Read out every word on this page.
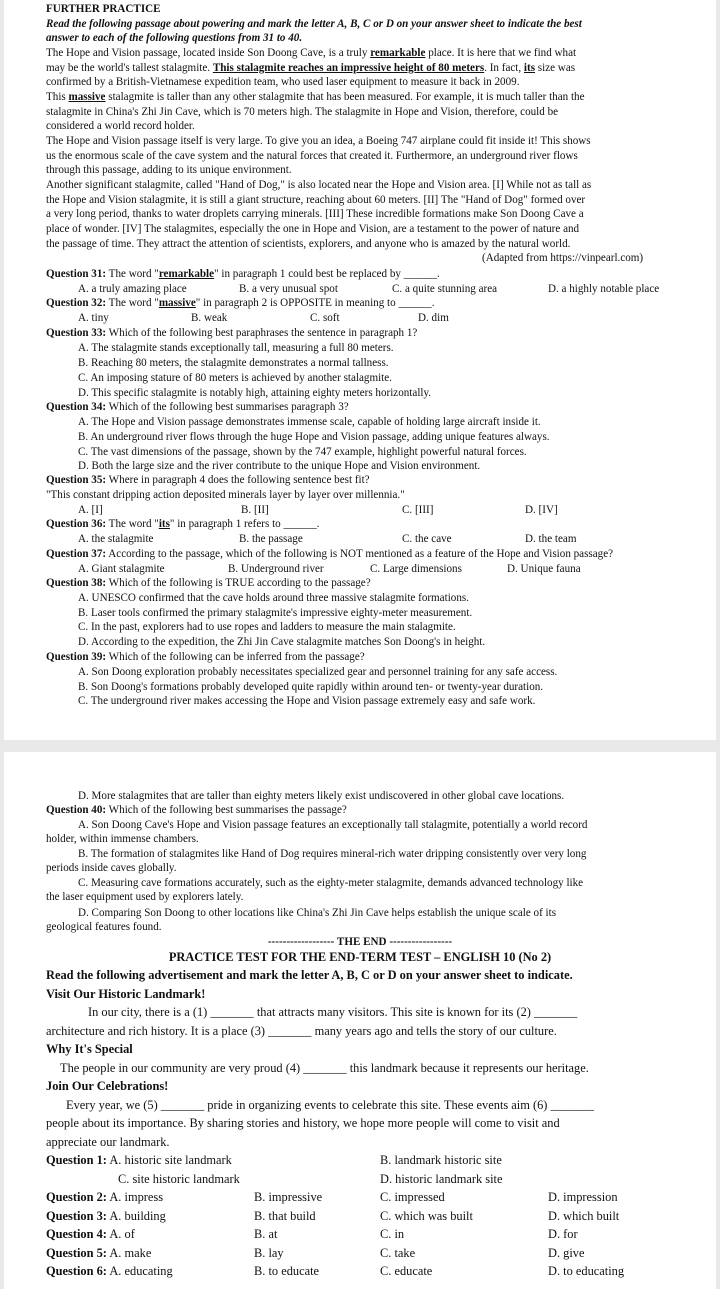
FURTHER PRACTICE
Read the following passage about powering and mark the letter A, B, C or D on your answer sheet to indicate the best
answer to each of the following questions from 31 to 40.
The Hope and Vision passage, located inside Son Doong Cave, is a truly remarkable place. It is here that we find what
may be the world's tallest stalagmite. This stalagmite reaches an impressive height of 80 meters. In fact, its size was
confirmed by a British-Vietnamese expedition team, who used laser equipment to measure it back in 2009.
This massive stalagmite is taller than any other stalagmite that has been measured. For example, it is much taller than the
stalagmite in China's Zhi Jin Cave, which is 70 meters high. The stalagmite in Hope and Vision, therefore, could be
considered a world record holder.
The Hope and Vision passage itself is very large. To give you an idea, a Boeing 747 airplane could fit inside it! This shows
us the enormous scale of the cave system and the natural forces that created it. Furthermore, an underground river flows
through this passage, adding to its unique environment.
Another significant stalagmite, called "Hand of Dog," is also located near the Hope and Vision area. [I] While not as tall as
the Hope and Vision stalagmite, it is still a giant structure, reaching about 60 meters. [II] The "Hand of Dog" formed over
a very long period, thanks to water droplets carrying minerals. [III] These incredible formations make Son Doong Cave a
place of wonder. [IV] The stalagmites, especially the one in Hope and Vision, are a testament to the power of nature and
the passage of time. They attract the attention of scientists, explorers, and anyone who is amazed by the natural world.
(Adapted from https://vinpearl.com)
Question 31: The word "remarkable" in paragraph 1 could best be replaced by ______.
A. a truly amazing place	B. a very unusual spot	C. a quite stunning area	D. a highly notable place
Question 32: The word "massive" in paragraph 2 is OPPOSITE in meaning to ______.
A. tiny	B. weak	C. soft	D. dim
Question 33: Which of the following best paraphrases the sentence in paragraph 1?
A. The stalagmite stands exceptionally tall, measuring a full 80 meters.
B. Reaching 80 meters, the stalagmite demonstrates a normal tallness.
C. An imposing stature of 80 meters is achieved by another stalagmite.
D. This specific stalagmite is notably high, attaining eighty meters horizontally.
Question 34: Which of the following best summarises paragraph 3?
A. The Hope and Vision passage demonstrates immense scale, capable of holding large aircraft inside it.
B. An underground river flows through the huge Hope and Vision passage, adding unique features always.
C. The vast dimensions of the passage, shown by the 747 example, highlight powerful natural forces.
D. Both the large size and the river contribute to the unique Hope and Vision environment.
Question 35: Where in paragraph 4 does the following sentence best fit?
"This constant dripping action deposited minerals layer by layer over millennia."
A. [I]	B. [II]	C. [III]	D. [IV]
Question 36: The word "its" in paragraph 1 refers to ______.
A. the stalagmite	B. the passage	C. the cave	D. the team
Question 37: According to the passage, which of the following is NOT mentioned as a feature of the Hope and Vision passage?
A. Giant stalagmite	B. Underground river	C. Large dimensions	D. Unique fauna
Question 38: Which of the following is TRUE according to the passage?
A. UNESCO confirmed that the cave holds around three massive stalagmite formations.
B. Laser tools confirmed the primary stalagmite's impressive eighty-meter measurement.
C. In the past, explorers had to use ropes and ladders to measure the main stalagmite.
D. According to the expedition, the Zhi Jin Cave stalagmite matches Son Doong's in height.
Question 39: Which of the following can be inferred from the passage?
A. Son Doong exploration probably necessitates specialized gear and personnel training for any safe access.
B. Son Doong's formations probably developed quite rapidly within around ten- or twenty-year duration.
C. The underground river makes accessing the Hope and Vision passage extremely easy and safe work.
D. More stalagmites that are taller than eighty meters likely exist undiscovered in other global cave locations.
Question 40: Which of the following best summarises the passage?
A. Son Doong Cave's Hope and Vision passage features an exceptionally tall stalagmite, potentially a world record
holder, within immense chambers.
B. The formation of stalagmites like Hand of Dog requires mineral-rich water dripping consistently over very long
periods inside caves globally.
C. Measuring cave formations accurately, such as the eighty-meter stalagmite, demands advanced technology like
the laser equipment used by explorers lately.
D. Comparing Son Doong to other locations like China's Zhi Jin Cave helps establish the unique scale of its
geological features found.
------------------ THE END -----------------
PRACTICE TEST FOR THE END-TERM TEST – ENGLISH 10 (No 2)
Read the following advertisement and mark the letter A, B, C or D on your answer sheet to indicate.
Visit Our Historic Landmark!
In our city, there is a (1) _______ that attracts many visitors. This site is known for its (2) _______
architecture and rich history. It is a place (3) _______ many years ago and tells the story of our culture.
Why It's Special
The people in our community are very proud (4) _______ this landmark because it represents our heritage.
Join Our Celebrations!
Every year, we (5) _______ pride in organizing events to celebrate this site. These events aim (6) _______
people about its importance. By sharing stories and history, we hope more people will come to visit and
appreciate our landmark.
Question 1: A. historic site landmark	B. landmark historic site
C. site historic landmark	D. historic landmark site
Question 2: A. impress	B. impressive	C. impressed	D. impression
Question 3: A. building	B. that build	C. which was built	D. which built
Question 4: A. of	B. at	C. in	D. for
Question 5: A. make	B. lay	C. take	D. give
Question 6: A. educating	B. to educate	C. educate	D. to educating
